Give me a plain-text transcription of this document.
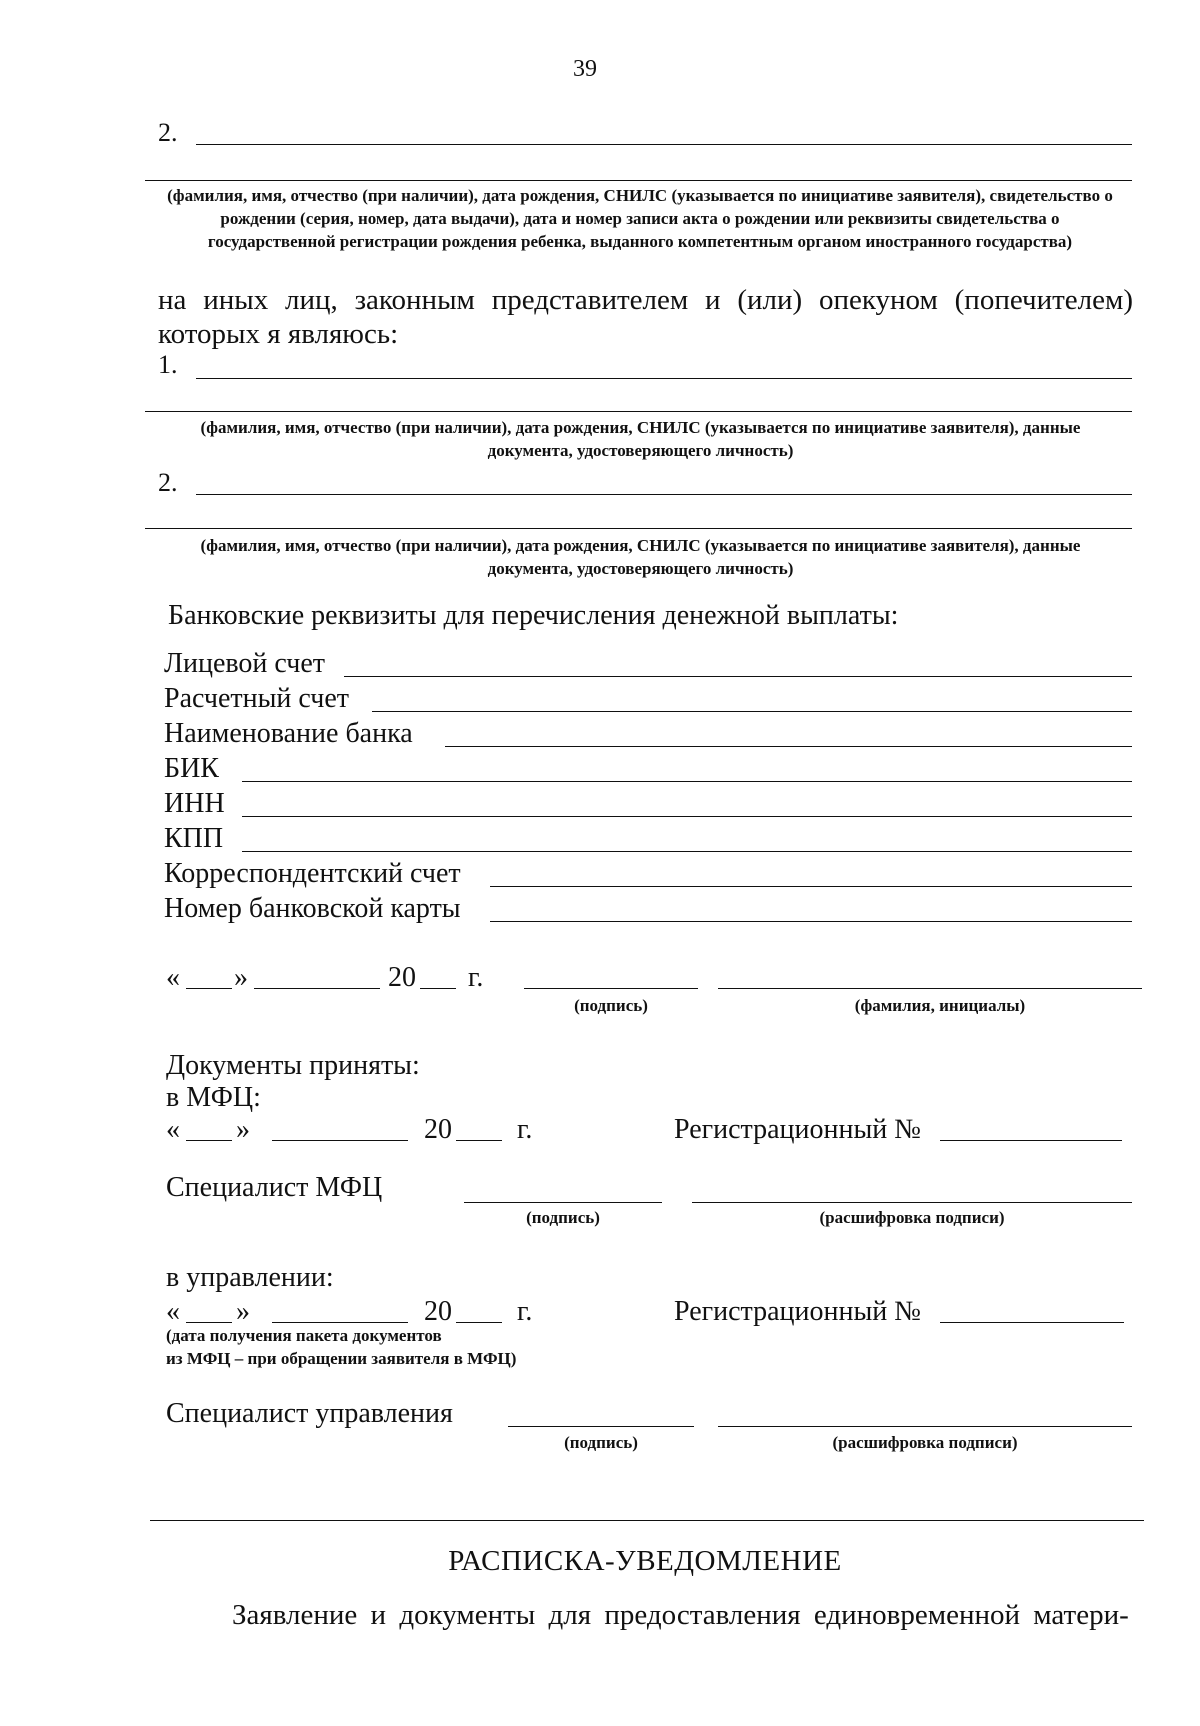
39
2.
(фамилия, имя, отчество (при наличии), дата рождения, СНИЛС (указывается по инициативе заявителя), свидетельство о рождении (серия, номер, дата выдачи), дата и номер записи акта о рождении или реквизиты свидетельства о государственной регистрации рождения ребенка, выданного компетентным органом иностранного государства)
на иных лиц, законным представителем и (или) опекуном (попечителем) которых я являюсь:
1.
(фамилия, имя, отчество (при наличии), дата рождения, СНИЛС (указывается по инициативе заявителя), данные документа, удостоверяющего личность)
2.
(фамилия, имя, отчество (при наличии), дата рождения, СНИЛС (указывается по инициативе заявителя), данные документа, удостоверяющего личность)
Банковские реквизиты для перечисления денежной выплаты:
Лицевой счет
Расчетный счет
Наименование банка
БИК
ИНН
КПП
Корреспондентский счет
Номер банковской карты
« »	20 г.
(подпись)	(фамилия, инициалы)
Документы приняты:
в МФЦ:
« »	20 г.	Регистрационный №
Специалист МФЦ
(подпись)	(расшифровка подписи)
в управлении:
« »	20 г.	Регистрационный №
(дата получения пакета документов
из МФЦ – при обращении заявителя в МФЦ)
Специалист управления
(подпись)	(расшифровка подписи)
РАСПИСКА-УВЕДОМЛЕНИЕ
Заявление и документы для предоставления единовременной матери-
